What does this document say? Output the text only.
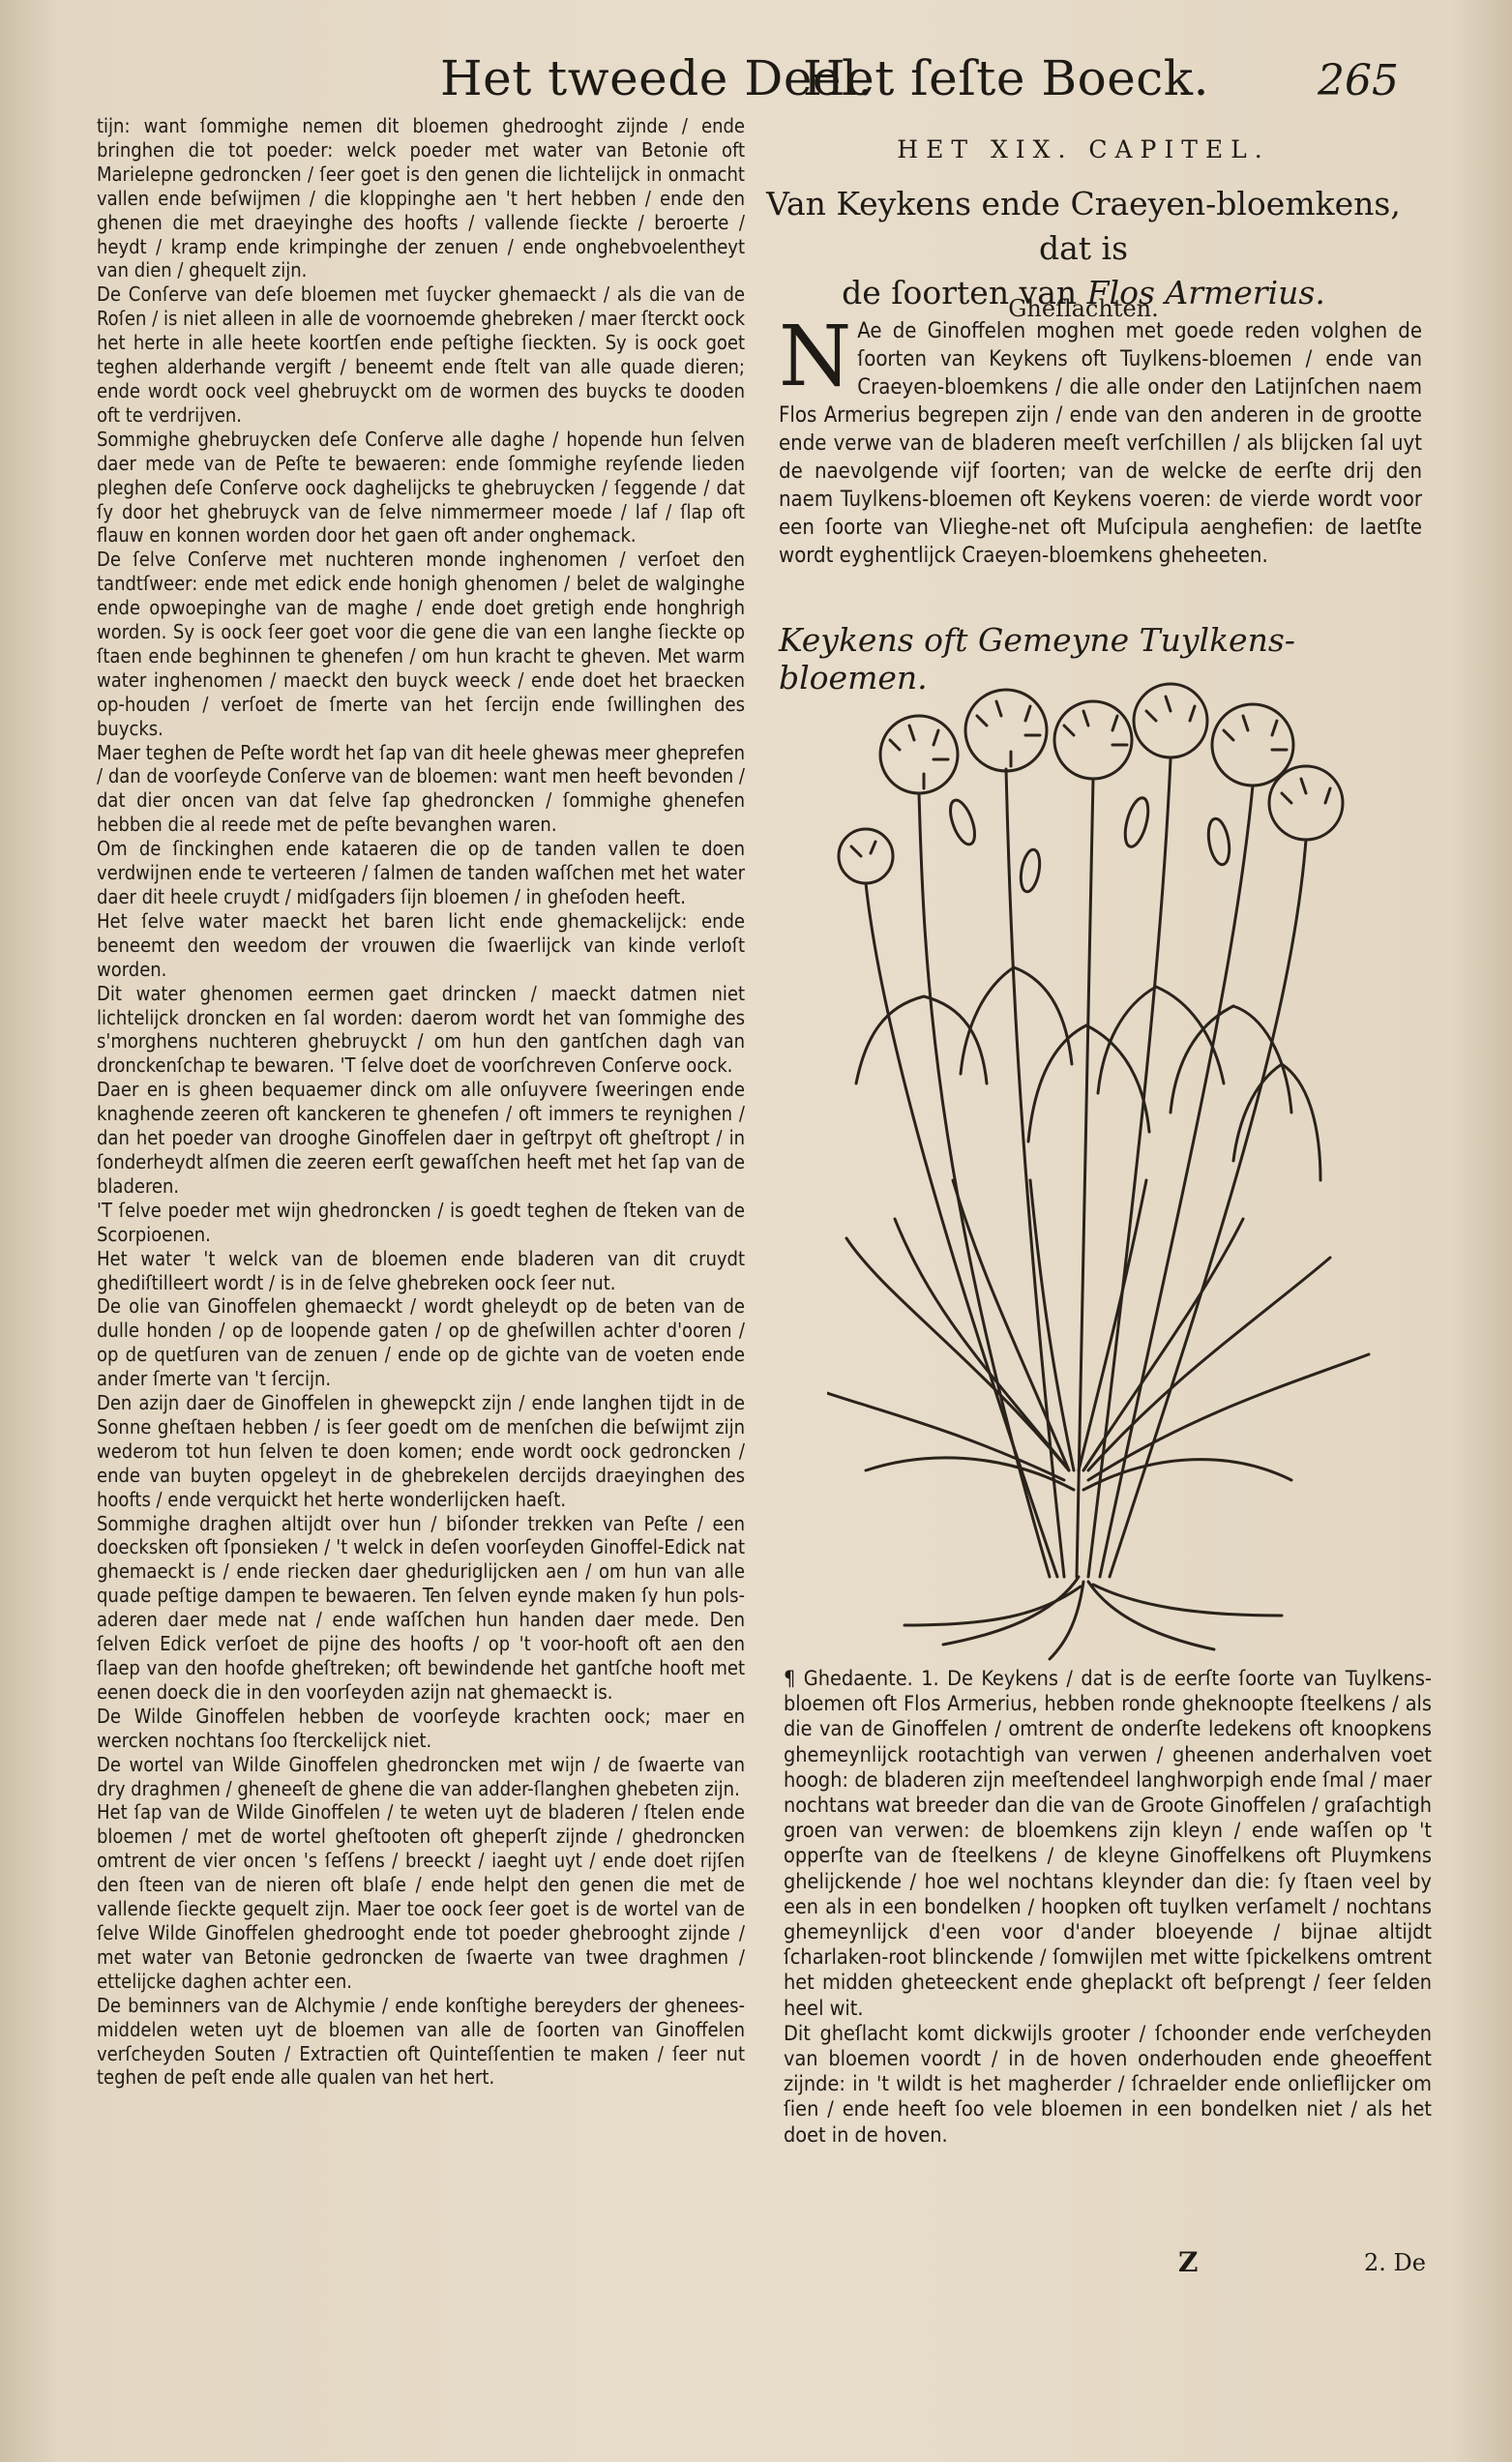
Het tweede Deel.
Het ſeſte Boeck.	265

tijn: want ſommighe nemen dit bloemen ghedrooght zijnde / ende bringhen die tot poeder: welck poeder met water van Betonie oft Marielepne gedroncken / ſeer goet is den genen die lichtelijck in onmacht vallen ende beſwijmen / die kloppinghe aen 't hert hebben / ende den ghenen die met draeyinghe des hoofts / vallende ſieckte / beroerte / heydt / kramp ende krimpinghe der zenuen / ende onghebvoelentheyt van dien / ghequelt zijn.

De Conſerve van deſe bloemen met ſuycker ghemaeckt / als die van de Roſen / is niet alleen in alle de voornoemde ghebreken / maer ſterckt oock het herte in alle heete koortſen ende peſtighe ſieckten. Sy is oock goet teghen alderhande vergift / beneemt ende ſtelt van alle quade dieren; ende wordt oock veel ghebruyckt om de wormen des buycks te dooden oft te verdrijven.

Sommighe ghebruycken deſe Conſerve alle daghe / hopende hun ſelven daer mede van de Peſte te bewaeren: ende ſommighe reyſende lieden pleghen deſe Conſerve oock daghelijcks te ghebruycken / ſeggende / dat ſy door het ghebruyck van de ſelve nimmermeer moede / laf / ſlap oft flauw en konnen worden door het gaen oft ander onghemack.

De ſelve Conſerve met nuchteren monde inghenomen / verſoet den tandtſweer: ende met edick ende honigh ghenomen / belet de walginghe ende opwoepinghe van de maghe / ende doet gretigh ende honghrigh worden. Sy is oock ſeer goet voor die gene die van een langhe ſieckte op ſtaen ende beghinnen te ghenefen / om hun kracht te gheven. Met warm water inghenomen / maeckt den buyck weeck / ende doet het braecken op-houden / verſoet de ſmerte van het ſercijn ende ſwillinghen des buycks.

Maer teghen de Peſte wordt het ſap van dit heele ghewas meer gheprefen / dan de voorſeyde Conſerve van de bloemen: want men heeft bevonden / dat dier oncen van dat ſelve ſap ghedroncken / ſommighe ghenefen hebben die al reede met de peſte bevanghen waren.

Om de ſinckinghen ende kataeren die op de tanden vallen te doen verdwijnen ende te verteeren / ſalmen de tanden waſſchen met het water daer dit heele cruydt / midſgaders ſijn bloemen / in gheſoden heeft.

Het ſelve water maeckt het baren licht ende ghemackelijck: ende beneemt den weedom der vrouwen die ſwaerlijck van kinde verloſt worden.

Dit water ghenomen eermen gaet drincken / maeckt datmen niet lichtelijck droncken en ſal worden: daerom wordt het van ſommighe des s'morghens nuchteren ghebruyckt / om hun den gantſchen dagh van dronckenſchap te bewaren. 'T ſelve doet de voorſchreven Conſerve oock.

Daer en is gheen bequaemer dinck om alle onſuyvere ſweeringen ende knaghende zeeren oft kanckeren te ghenefen / oft immers te reynighen / dan het poeder van drooghe Ginoffelen daer in geſtrpyt oft gheſtropt / in ſonderheydt alſmen die zeeren eerſt gewaſſchen heeft met het ſap van de bladeren.

'T ſelve poeder met wijn ghedroncken / is goedt teghen de ſteken van de Scorpioenen.

Het water 't welck van de bloemen ende bladeren van dit cruydt ghediſtilleert wordt / is in de ſelve ghebreken oock ſeer nut.

De olie van Ginoffelen ghemaeckt / wordt gheleydt op de beten van de dulle honden / op de loopende gaten / op de gheſwillen achter d'ooren / op de quetſuren van de zenuen / ende op de gichte van de voeten ende ander ſmerte van 't ſercijn.

Den azijn daer de Ginoffelen in ghewepckt zijn / ende langhen tijdt in de Sonne gheſtaen hebben / is ſeer goedt om de menſchen die beſwijmt zijn wederom tot hun ſelven te doen komen; ende wordt oock gedroncken / ende van buyten opgeleyt in de ghebrekelen dercijds draeyinghen des hoofts / ende verquickt het herte wonderlijcken haeſt.

Sommighe draghen altijdt over hun / biſonder trekken van Peſte / een doecksken oft ſponsieken / 't welck in deſen voorſeyden Ginoffel-Edick nat ghemaeckt is / ende riecken daer gheduriglijcken aen / om hun van alle quade peſtige dampen te bewaeren. Ten ſelven eynde maken ſy hun pols-aderen daer mede nat / ende waſſchen hun handen daer mede. Den ſelven Edick verſoet de pijne des hoofts / op 't voor-hooft oft aen den ſlaep van den hoofde gheſtreken; oft bewindende het gantſche hooft met eenen doeck die in den voorſeyden azijn nat ghemaeckt is.

De Wilde Ginoffelen hebben de voorſeyde krachten oock; maer en wercken nochtans ſoo ſterckelijck niet.

De wortel van Wilde Ginoffelen ghedroncken met wijn / de ſwaerte van dry draghmen / gheneeſt de ghene die van adder-ſlanghen ghebeten zijn.

Het ſap van de Wilde Ginoffelen / te weten uyt de bladeren / ſtelen ende bloemen / met de wortel gheſtooten oft gheperſt zijnde / ghedroncken omtrent de vier oncen 's ſeſſens / breeckt / iaeght uyt / ende doet rijſen den ſteen van de nieren oft blaſe / ende helpt den genen die met de vallende ſieckte gequelt zijn. Maer toe oock ſeer goet is de wortel van de ſelve Wilde Ginoffelen ghedrooght ende tot poeder ghebrooght zijnde / met water van Betonie gedroncken de ſwaerte van twee draghmen / ettelijcke daghen achter een.

De beminners van de Alchymie / ende konſtighe bereyders der ghenees-middelen weten uyt de bloemen van alle de ſoorten van Ginoffelen verſcheyden Souten / Extractien oft Quinteſſentien te maken / ſeer nut teghen de peſt ende alle qualen van het hert.

HET XIX. CAPITEL.
Van Keykens ende Craeyen-bloemkens, dat is
de ſoorten van Flos Armerius.
Gheſlachten.

N Ae de Ginoffelen moghen met goede reden volghen de ſoorten van Keykens oft Tuylkens-bloemen / ende van Craeyen-bloemkens / die alle onder den Latijnſchen naem Flos Armerius begrepen zijn / ende van den anderen in de grootte ende verwe van de bladeren meeſt verſchillen / als blijcken ſal uyt de naevolgende vijf ſoorten; van de welcke de eerſte drij den naem Tuylkens-bloemen oft Keykens voeren: de vierde wordt voor een ſoorte van Vlieghe-net oft Muſcipula aenghefien: de laetſte wordt eyghentlijck Craeyen-bloemkens gheheeten.

Keykens oft Gemeyne Tuylkens-bloemen.

¶ Ghedaente. 1. De Keykens / dat is de eerſte ſoorte van Tuylkens-bloemen oft Flos Armerius, hebben ronde gheknoopte ſteelkens / als die van de Ginoffelen / omtrent de onderſte ledekens oft knoopkens ghemeynlijck rootachtigh van verwen / gheenen anderhalven voet hoogh: de bladeren zijn meeſtendeel langhworpigh ende ſmal / maer nochtans wat breeder dan die van de Groote Ginoffelen / graſachtigh groen van verwen: de bloemkens zijn kleyn / ende waſſen op 't opperſte van de ſteelkens / de kleyne Ginoffelkens oft Pluymkens ghelijckende / hoe wel nochtans kleynder dan die: ſy ſtaen veel by een als in een bondelken / hoopken oft tuylken verſamelt / nochtans ghemeynlijck d'een voor d'ander bloeyende / bijnae altijdt ſcharlaken-root blinckende / ſomwijlen met witte ſpickelkens omtrent het midden gheteeckent ende gheplackt oft beſprengt / ſeer ſelden heel wit.

Dit gheſlacht komt dickwijls grooter / ſchoonder ende verſcheyden van bloemen voordt / in de hoven onderhouden ende gheoeffent zijnde: in 't wildt is het magherder / ſchraelder ende onlieflijcker om ſien / ende heeft ſoo vele bloemen in een bondelken niet / als het doet in de hoven.

Z	2. De
